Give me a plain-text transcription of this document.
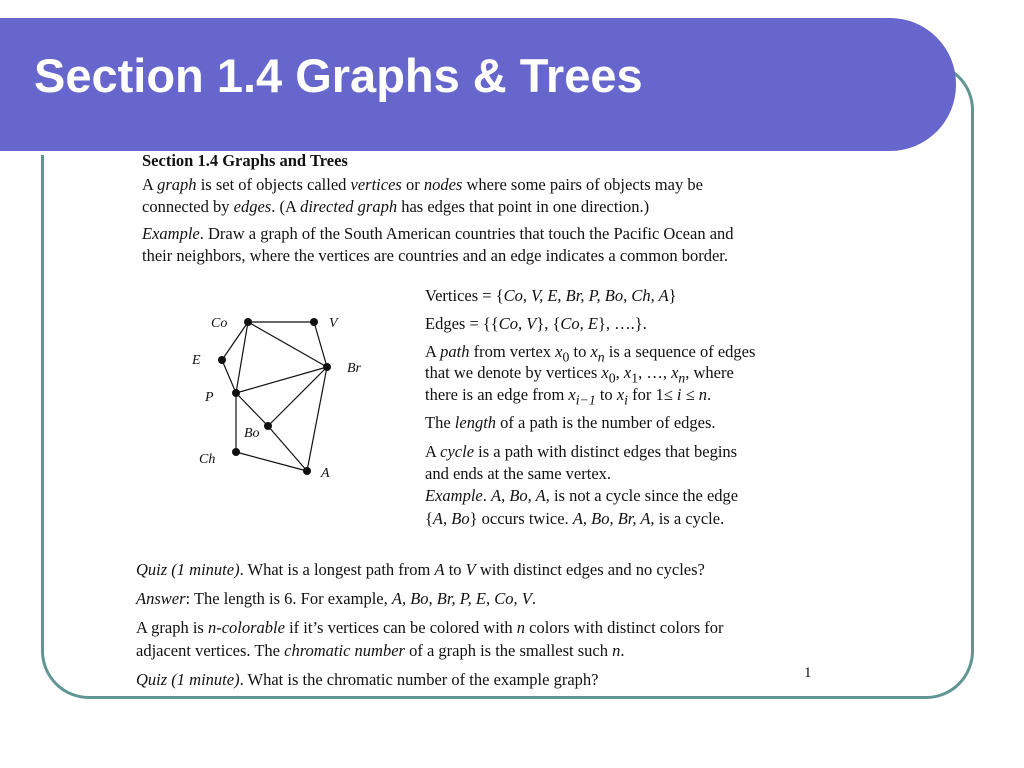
Section 1.4 Graphs & Trees

Section 1.4 Graphs and Trees

A graph is set of objects called vertices or nodes where some pairs of objects may be

connected by edges. (A directed graph has edges that point in one direction.)

Example. Draw a graph of the South American countries that touch the Pacific Ocean and

their neighbors, where the vertices are countries and an edge indicates a common border.

Co	V
E
Br
P
Bo
Ch
A

Vertices = {Co, V, E, Br, P, Bo, Ch, A}

Edges = {{Co, V}, {Co, E}, ….}.

A path from vertex $x_0$ to $x_n$ is a sequence of edges

that we denote by vertices $x_0$, $x_1$, …, $x_n$, where

there is an edge from $x_{i-1}$ to $x_i$ for 1≤ i ≤ n.

The length of a path is the number of edges.

A cycle is a path with distinct edges that begins

and ends at the same vertex.

Example. A, Bo, A, is not a cycle since the edge

{A, Bo} occurs twice. A, Bo, Br, A, is a cycle.

Quiz (1 minute). What is a longest path from A to V with distinct edges and no cycles?

Answer: The length is 6. For example, A, Bo, Br, P, E, Co, V.

A graph is n-colorable if it’s vertices can be colored with n colors with distinct colors for

adjacent vertices. The chromatic number of a graph is the smallest such n.

Quiz (1 minute). What is the chromatic number of the example graph?	1
